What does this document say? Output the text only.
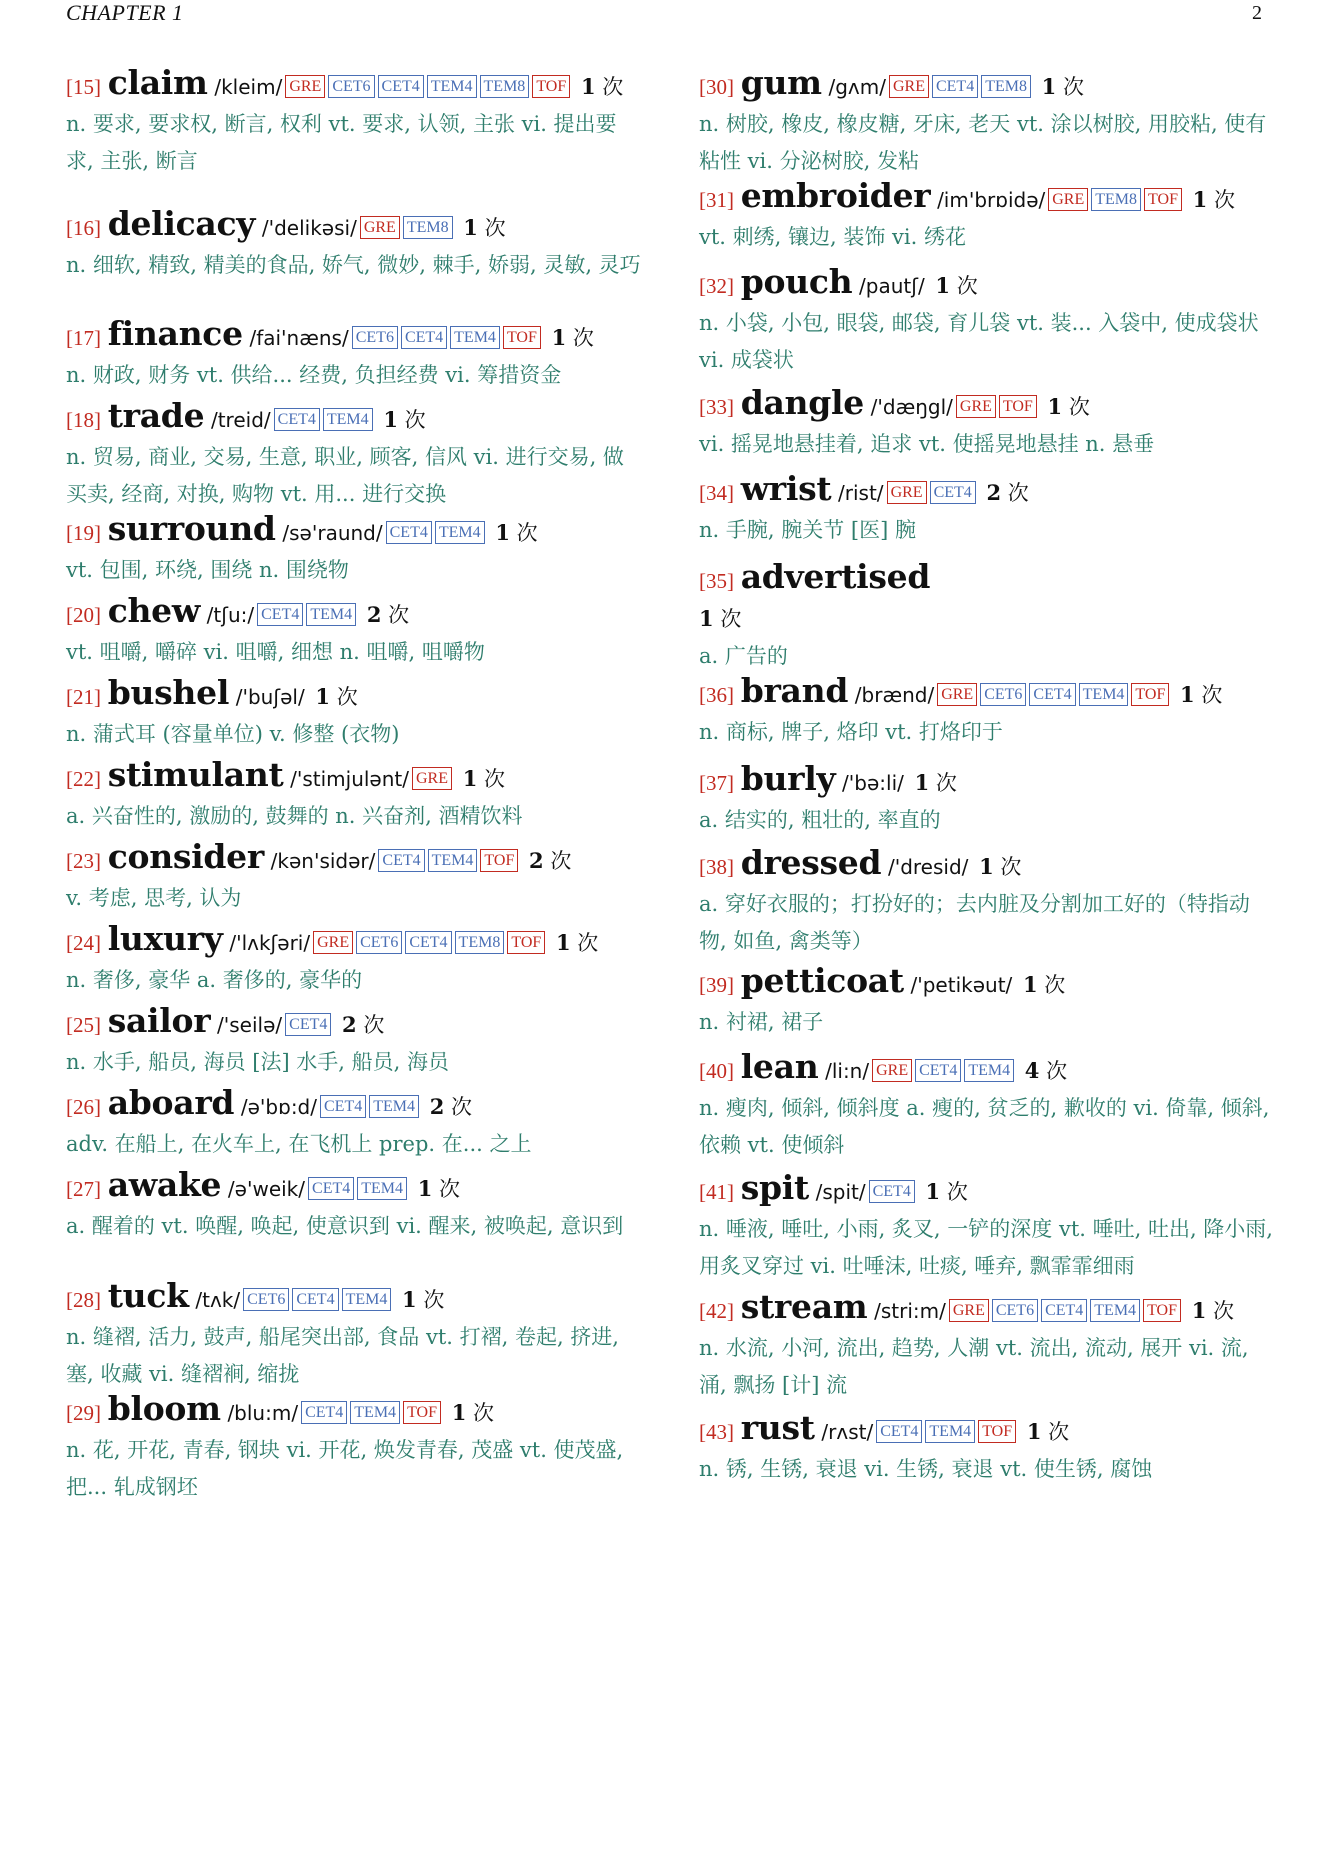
CHAPTER 1	2
[15] claim /kleim/ GRE CET6 CET4 TEM4 TEM8 TOF 1 次
n. 要求, 要求权, 断言, 权利 vt. 要求, 认领, 主张 vi. 提出要求, 主张, 断言
[16] delicacy /'delikəsi/ GRE TEM8 1 次
n. 细软, 精致, 精美的食品, 娇气, 微妙, 棘手, 娇弱, 灵敏, 灵巧
[17] finance /fai'næns/ CET6 CET4 TEM4 TOF 1 次
n. 财政, 财务 vt. 供给... 经费, 负担经费 vi. 筹措资金
[18] trade /treid/ CET4 TEM4 1 次
n. 贸易, 商业, 交易, 生意, 职业, 顾客, 信风 vi. 进行交易, 做买卖, 经商, 对换, 购物 vt. 用... 进行交换
[19] surround /sə'raund/ CET4 TEM4 1 次
vt. 包围, 环绕, 围绕 n. 围绕物
[20] chew /tʃu:/ CET4 TEM4 2 次
vt. 咀嚼, 嚼碎 vi. 咀嚼, 细想 n. 咀嚼, 咀嚼物
[21] bushel /'buʃəl/ 1 次
n. 蒲式耳 (容量单位) v. 修整 (衣物)
[22] stimulant /'stimjulənt/ GRE 1 次
a. 兴奋性的, 激励的, 鼓舞的 n. 兴奋剂, 酒精饮料
[23] consider /kən'sidər/ CET4 TEM4 TOF 2 次
v. 考虑, 思考, 认为
[24] luxury /'lʌkʃəri/ GRE CET6 CET4 TEM8 TOF 1 次
n. 奢侈, 豪华 a. 奢侈的, 豪华的
[25] sailor /'seilə/ CET4 2 次
n. 水手, 船员, 海员 [法] 水手, 船员, 海员
[26] aboard /ə'bɒ:d/ CET4 TEM4 2 次
adv. 在船上, 在火车上, 在飞机上 prep. 在... 之上
[27] awake /ə'weik/ CET4 TEM4 1 次
a. 醒着的 vt. 唤醒, 唤起, 使意识到 vi. 醒来, 被唤起, 意识到
[28] tuck /tʌk/ CET6 CET4 TEM4 1 次
n. 缝褶, 活力, 鼓声, 船尾突出部, 食品 vt. 打褶, 卷起, 挤进, 塞, 收藏 vi. 缝褶裥, 缩拢
[29] bloom /blu:m/ CET4 TEM4 TOF 1 次
n. 花, 开花, 青春, 钢块 vi. 开花, 焕发青春, 茂盛 vt. 使茂盛, 把... 轧成钢坯
[30] gum /gʌm/ GRE CET4 TEM8 1 次
n. 树胶, 橡皮, 橡皮糖, 牙床, 老天 vt. 涂以树胶, 用胶粘, 使有粘性 vi. 分泌树胶, 发粘
[31] embroider /im'brɒidə/ GRE TEM8 TOF 1 次
vt. 刺绣, 镶边, 装饰 vi. 绣花
[32] pouch /pautʃ/ 1 次
n. 小袋, 小包, 眼袋, 邮袋, 育儿袋 vt. 装... 入袋中, 使成袋状 vi. 成袋状
[33] dangle /'dæŋgl/ GRE TOF 1 次
vi. 摇晃地悬挂着, 追求 vt. 使摇晃地悬挂 n. 悬垂
[34] wrist /rist/ GRE CET4 2 次
n. 手腕, 腕关节 [医] 腕
[35] advertised
1 次
a. 广告的
[36] brand /brænd/ GRE CET6 CET4 TEM4 TOF 1 次
n. 商标, 牌子, 烙印 vt. 打烙印于
[37] burly /'bə:li/ 1 次
a. 结实的, 粗壮的, 率直的
[38] dressed /'dresid/ 1 次
a. 穿好衣服的；打扮好的；去内脏及分割加工好的（特指动物, 如鱼, 禽类等）
[39] petticoat /'petikəut/ 1 次
n. 衬裙, 裙子
[40] lean /li:n/ GRE CET4 TEM4 4 次
n. 瘦肉, 倾斜, 倾斜度 a. 瘦的, 贫乏的, 歉收的 vi. 倚靠, 倾斜, 依赖 vt. 使倾斜
[41] spit /spit/ CET4 1 次
n. 唾液, 唾吐, 小雨, 炙叉, 一铲的深度 vt. 唾吐, 吐出, 降小雨, 用炙叉穿过 vi. 吐唾沫, 吐痰, 唾弃, 飘霏霏细雨
[42] stream /stri:m/ GRE CET6 CET4 TEM4 TOF 1 次
n. 水流, 小河, 流出, 趋势, 人潮 vt. 流出, 流动, 展开 vi. 流, 涌, 飘扬 [计] 流
[43] rust /rʌst/ CET4 TEM4 TOF 1 次
n. 锈, 生锈, 衰退 vi. 生锈, 衰退 vt. 使生锈, 腐蚀
